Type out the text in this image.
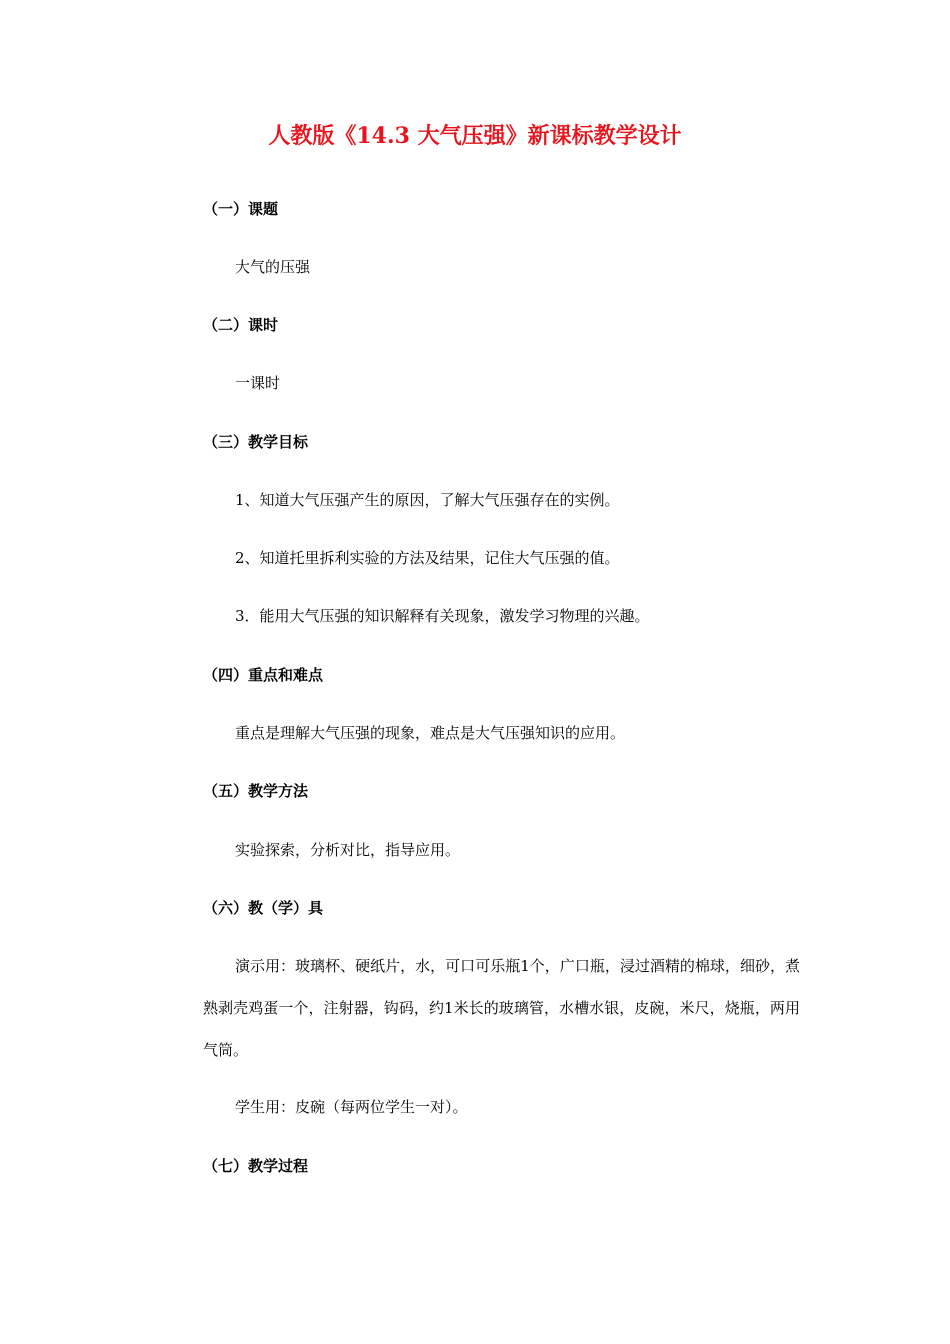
人教版《14.3 大气压强》新课标教学设计
（一）课题
大气的压强
（二）课时
一课时
（三）教学目标
1、知道大气压强产生的原因，了解大气压强存在的实例。
2、知道托里拆利实验的方法及结果，记住大气压强的值。
3．能用大气压强的知识解释有关现象，激发学习物理的兴趣。
（四）重点和难点
重点是理解大气压强的现象，难点是大气压强知识的应用。
（五）教学方法
实验探索，分析对比，指导应用。
（六）教（学）具
演示用：玻璃杯、硬纸片，水，可口可乐瓶1个，广口瓶，浸过酒精的棉球，细砂，煮熟剥壳鸡蛋一个，注射器，钩码，约1米长的玻璃管，水槽水银，皮碗，米尺，烧瓶，两用气筒。
学生用：皮碗（每两位学生一对）。
（七）教学过程
